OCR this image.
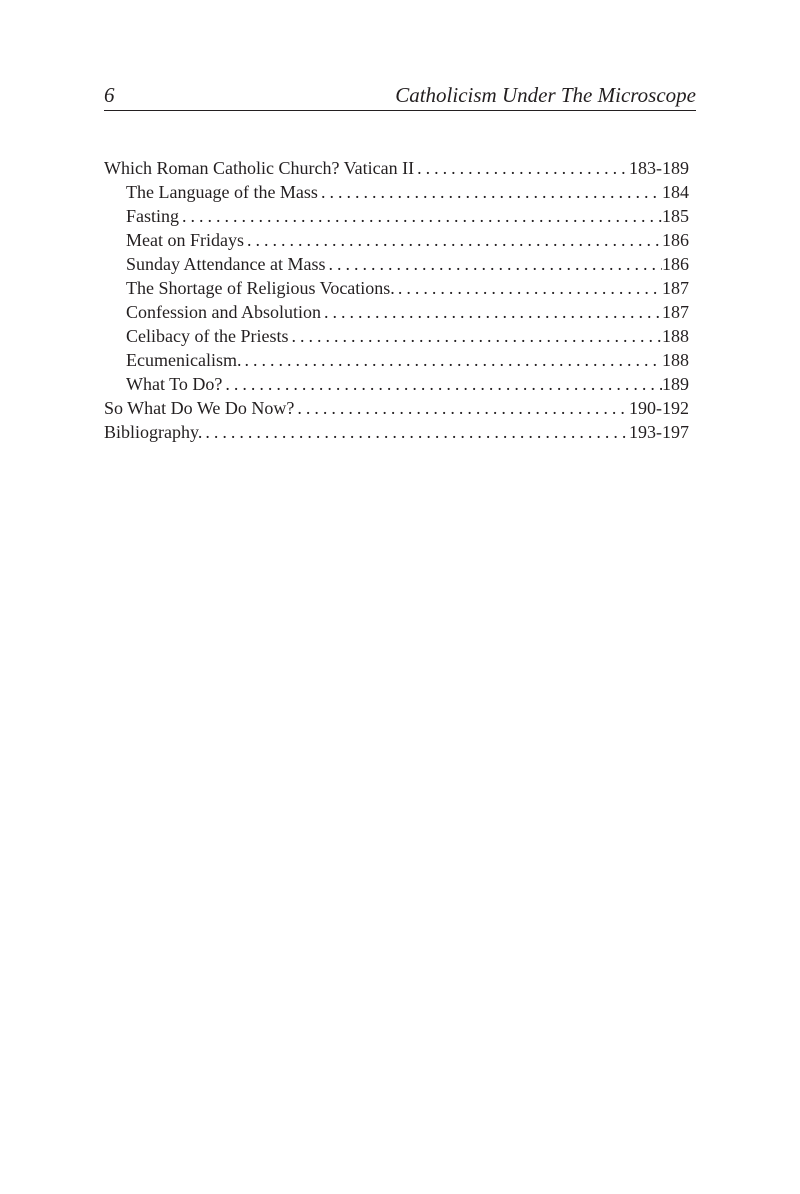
6	Catholicism Under The Microscope
Which Roman Catholic Church? Vatican II . . .	183-189
The Language of the Mass . . .	184
Fasting . . .	185
Meat on Fridays . . .	186
Sunday Attendance at Mass . . .	186
The Shortage of Religious Vocations. . . .	187
Confession and Absolution . . .	187
Celibacy of the Priests . . .	188
Ecumenicalism. . . .	188
What To Do? . . .	189
So What Do We Do Now? . . .	190-192
Bibliography. . . .	193-197
